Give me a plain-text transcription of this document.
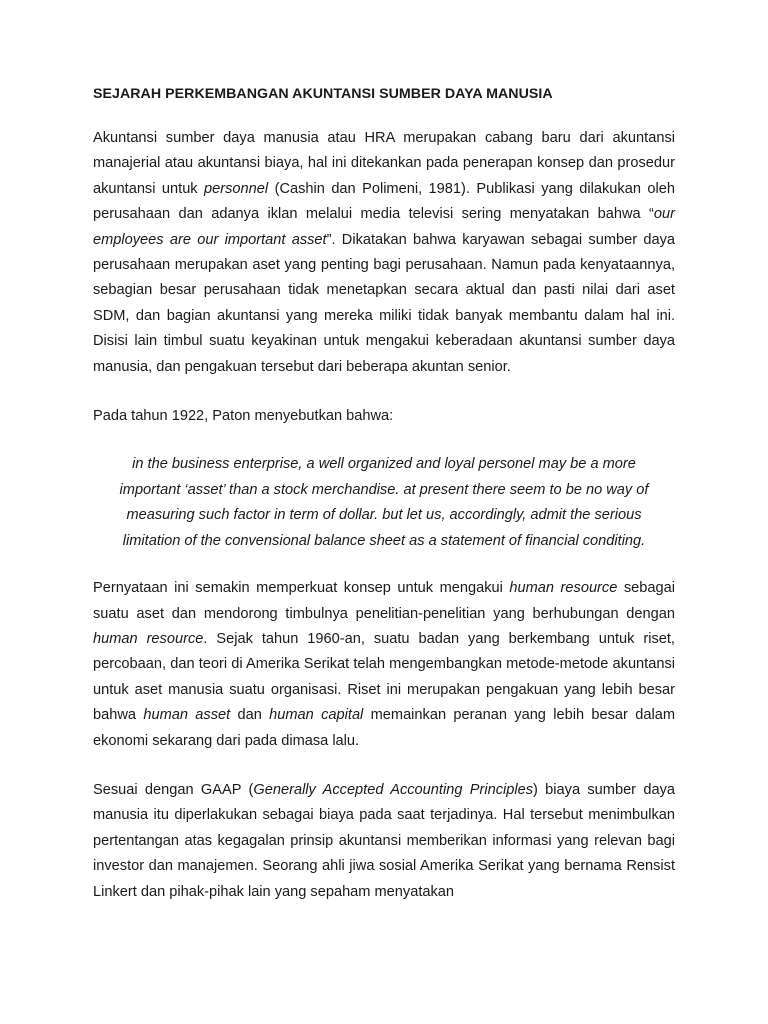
SEJARAH PERKEMBANGAN AKUNTANSI SUMBER DAYA MANUSIA

Akuntansi sumber daya manusia atau HRA merupakan cabang baru dari akuntansi manajerial atau akuntansi biaya, hal ini ditekankan pada penerapan konsep dan prosedur akuntansi untuk personnel (Cashin dan Polimeni, 1981). Publikasi yang dilakukan oleh perusahaan dan adanya iklan melalui media televisi sering menyatakan bahwa “our employees are our important asset”. Dikatakan bahwa karyawan sebagai sumber daya perusahaan merupakan aset yang penting bagi perusahaan. Namun pada kenyataannya, sebagian besar perusahaan tidak menetapkan secara aktual dan pasti nilai dari aset SDM, dan bagian akuntansi yang mereka miliki tidak banyak membantu dalam hal ini. Disisi lain timbul suatu keyakinan untuk mengakui keberadaan akuntansi sumber daya manusia, dan pengakuan tersebut dari beberapa akuntan senior.

Pada tahun 1922, Paton menyebutkan bahwa:

in the business enterprise, a well organized and loyal personel may be a more
important ‘asset’ than a stock merchandise. at present there seem to be no way of
measuring such factor in term of dollar. but let us, accordingly, admit the serious
limitation of the convensional balance sheet as a statement of financial conditing.

Pernyataan ini semakin memperkuat konsep untuk mengakui human resource sebagai suatu aset dan mendorong timbulnya penelitian-penelitian yang berhubungan dengan human resource. Sejak tahun 1960-an, suatu badan yang berkembang untuk riset, percobaan, dan teori di Amerika Serikat telah mengembangkan metode-metode akuntansi untuk aset manusia suatu organisasi. Riset ini merupakan pengakuan yang lebih besar bahwa human asset dan human capital memainkan peranan yang lebih besar dalam ekonomi sekarang dari pada dimasa lalu.

Sesuai dengan GAAP (Generally Accepted Accounting Principles) biaya sumber daya manusia itu diperlakukan sebagai biaya pada saat terjadinya. Hal tersebut menimbulkan pertentangan atas kegagalan prinsip akuntansi memberikan informasi yang relevan bagi investor dan manajemen. Seorang ahli jiwa sosial Amerika Serikat yang bernama Rensist Linkert dan pihak-pihak lain yang sepaham menyatakan
